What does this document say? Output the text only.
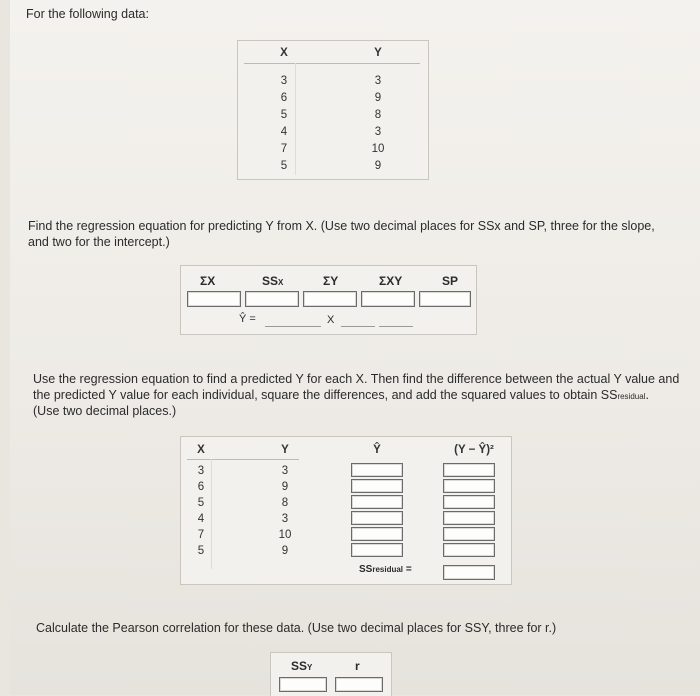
For the following data:
X	Y
3	3
6	9
5	8
4	3
7	10
5	9
Find the regression equation for predicting Y from X. (Use two decimal places for SSx and SP, three for the slope,
and two for the intercept.)
ΣX	SSX	ΣY	ΣXY	SP
Ŷ =	X
Use the regression equation to find a predicted Y for each X. Then find the difference between the actual Y value and
the predicted Y value for each individual, square the differences, and add the squared values to obtain SSresidual.
(Use two decimal places.)
X	Y	Ŷ	(Y − Ŷ)²
3	3
6	9
5	8
4	3
7	10
5	9
SSresidual =
Calculate the Pearson correlation for these data. (Use two decimal places for SSY, three for r.)
SSY	r
